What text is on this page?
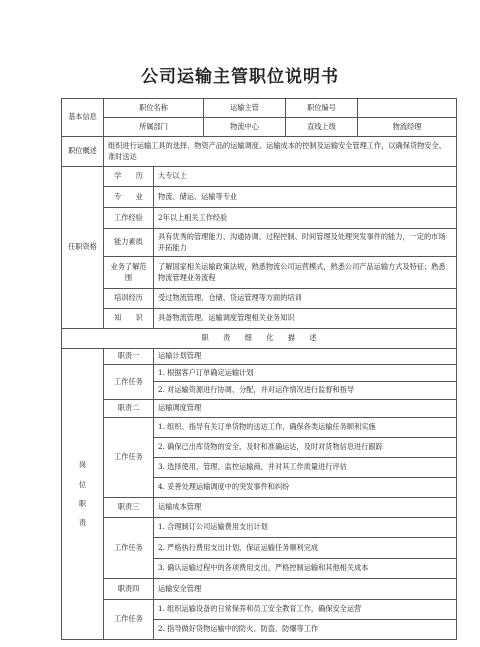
公司运输主管职位说明书
基本信息	职位名称		运输主管	职位编号	
	所属部门		物流中心	直线上级	物流经理
职位概述	组织进行运输工具的选择、物资产品的运输调度、运输成本的控制及运输安全管理工作，以确保货物安全、准时送达				
任职资格	学　　历	大专以上			
	专　　业	物流、储运、运输等专业			
	工作经验	2年以上相关工作经验			
	能力素质	具有优秀的管理能力、沟通协调、过程控制、时间管理及处理突发事件的能力，一定的市场开拓能力			
	业务了解范围	了解国家相关运输政策法规，熟悉物流公司运营模式，熟悉公司产品运输方式及特征；熟悉物流管理业务流程			
	培训经历	受过物流管理、仓储、货运管理等方面的培训			
	知　　识	具备物流管理、运输调度管理相关业务知识			
职　　责　　细　　化　　描　　述					

岗
位
职
责	职责一	运输计划管理			
	工作任务	1. 根据客户订单确定运输计划			
		2. 对运输资源进行协调、分配，并对运作情况进行监督和指导			
	职责二	运输调度管理			
	工作任务	1. 组织、指导有关订单货物的送达工作，确保各类运输任务顺利实施			
		2. 确保已出库货物的安全、及时和准确运达，及时对货物信息进行跟踪			
		3. 选择使用、管理、监控运输商，并对其工作质量进行评估			
		4. 妥善处理运输调度中的突发事件和纠纷			
	职责三	运输成本管理			
	工作任务	1. 合理制订公司运输费用支出计划			
		2. 严格执行费用支出计划，保证运输任务顺利完成			
		3. 确认运输过程中的各项费用支出，严格控制运输和其他相关成本			
	职责四	运输安全管理			
	工作任务	1. 组织运输设备的日常保养和员工安全教育工作，确保安全运营			
		2. 指导做好货物运输中的防火、防盗、防爆等工作			
